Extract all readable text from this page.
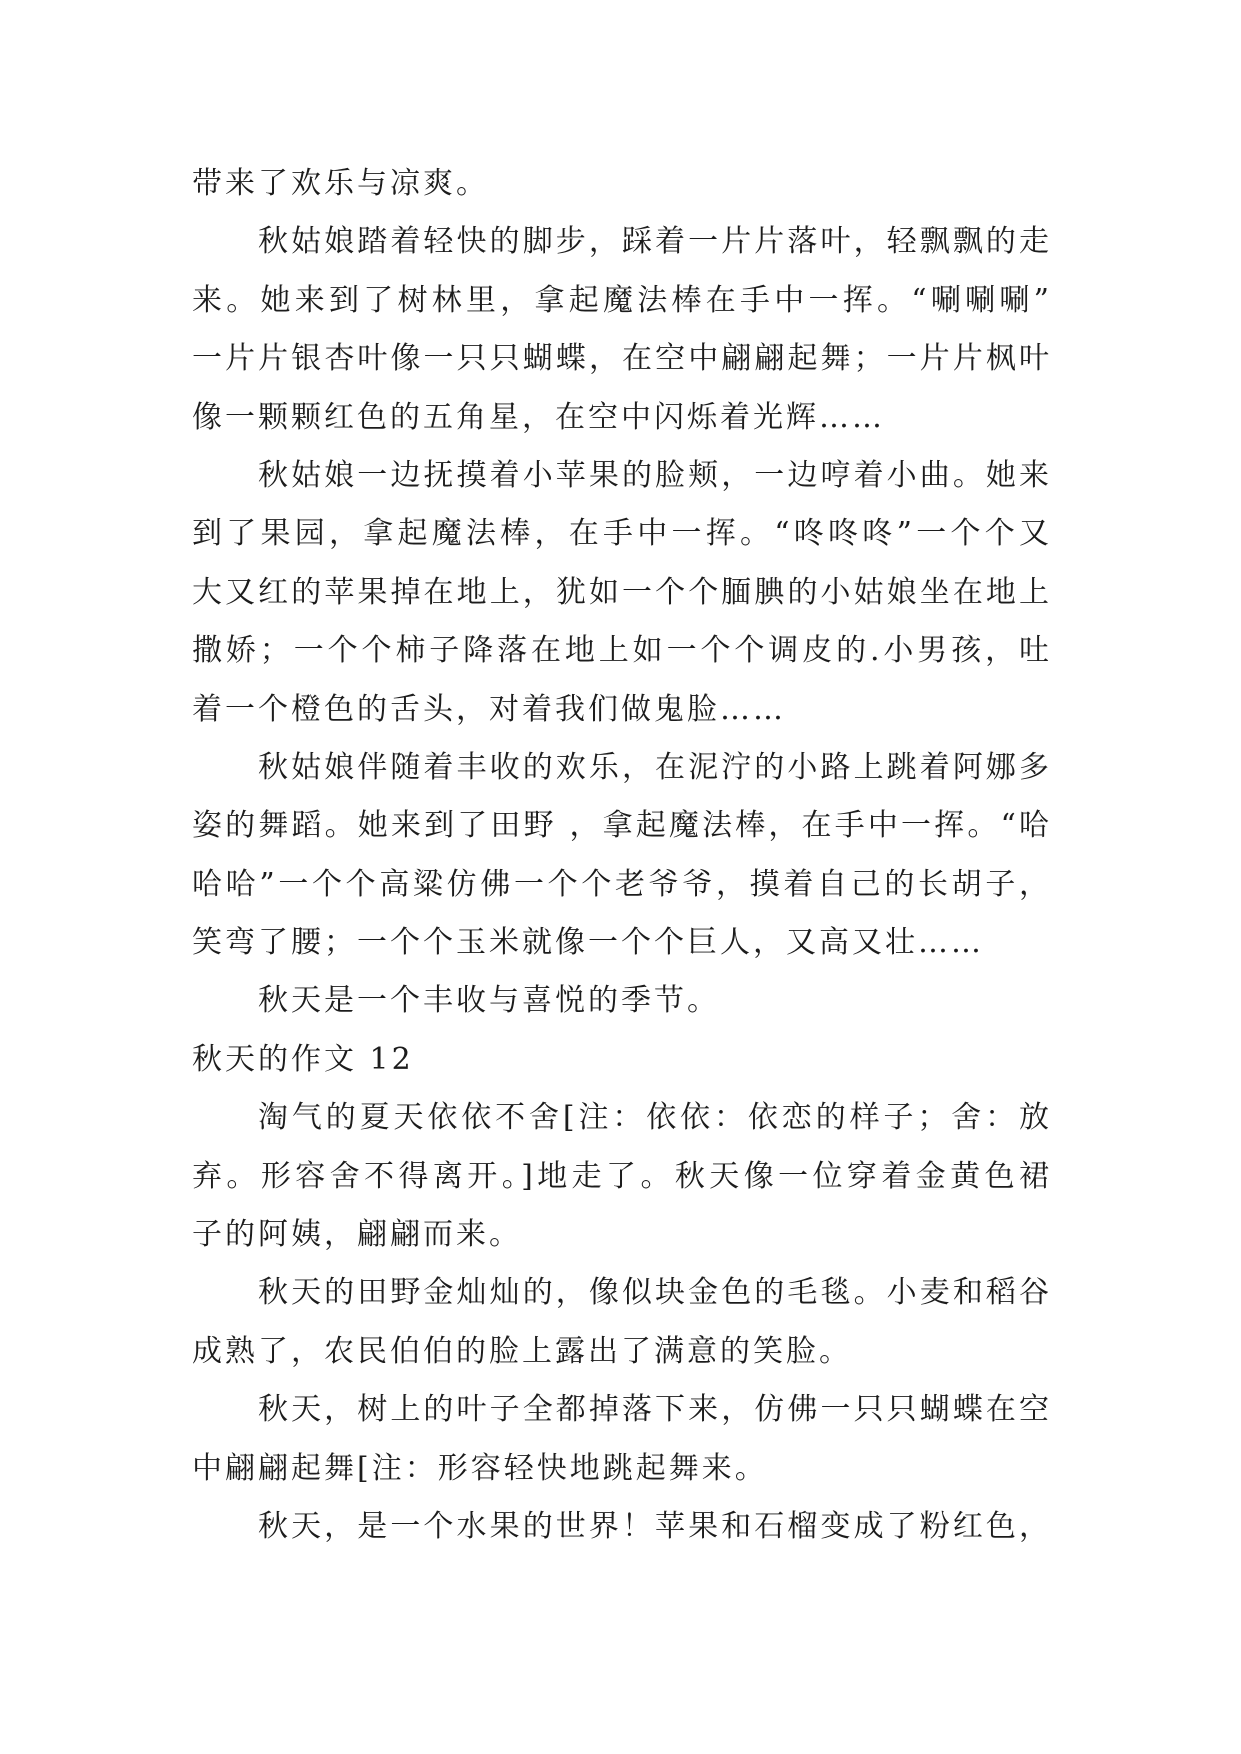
带来了欢乐与凉爽。
秋姑娘踏着轻快的脚步，踩着一片片落叶，轻飘飘的走
来。她来到了树林里，拿起魔法棒在手中一挥。“唰唰唰”
一片片银杏叶像一只只蝴蝶，在空中翩翩起舞；一片片枫叶
像一颗颗红色的五角星，在空中闪烁着光辉……
秋姑娘一边抚摸着小苹果的脸颊，一边哼着小曲。她来
到了果园，拿起魔法棒，在手中一挥。“咚咚咚”一个个又
大又红的苹果掉在地上，犹如一个个腼腆的小姑娘坐在地上
撒娇；一个个柿子降落在地上如一个个调皮的.小男孩，吐
着一个橙色的舌头，对着我们做鬼脸……
秋姑娘伴随着丰收的欢乐，在泥泞的小路上跳着阿娜多
姿的舞蹈。她来到了田野 ，拿起魔法棒，在手中一挥。“哈
哈哈”一个个高粱仿佛一个个老爷爷，摸着自己的长胡子，
笑弯了腰；一个个玉米就像一个个巨人，又高又壮……
秋天是一个丰收与喜悦的季节。
秋天的作文 12
淘气的夏天依依不舍[注：依依：依恋的样子；舍：放
弃。形容舍不得离开。]地走了。秋天像一位穿着金黄色裙
子的阿姨，翩翩而来。
秋天的田野金灿灿的，像似块金色的毛毯。小麦和稻谷
成熟了，农民伯伯的脸上露出了满意的笑脸。
秋天，树上的叶子全都掉落下来，仿佛一只只蝴蝶在空
中翩翩起舞[注：形容轻快地跳起舞来。
秋天，是一个水果的世界！苹果和石榴变成了粉红色，
